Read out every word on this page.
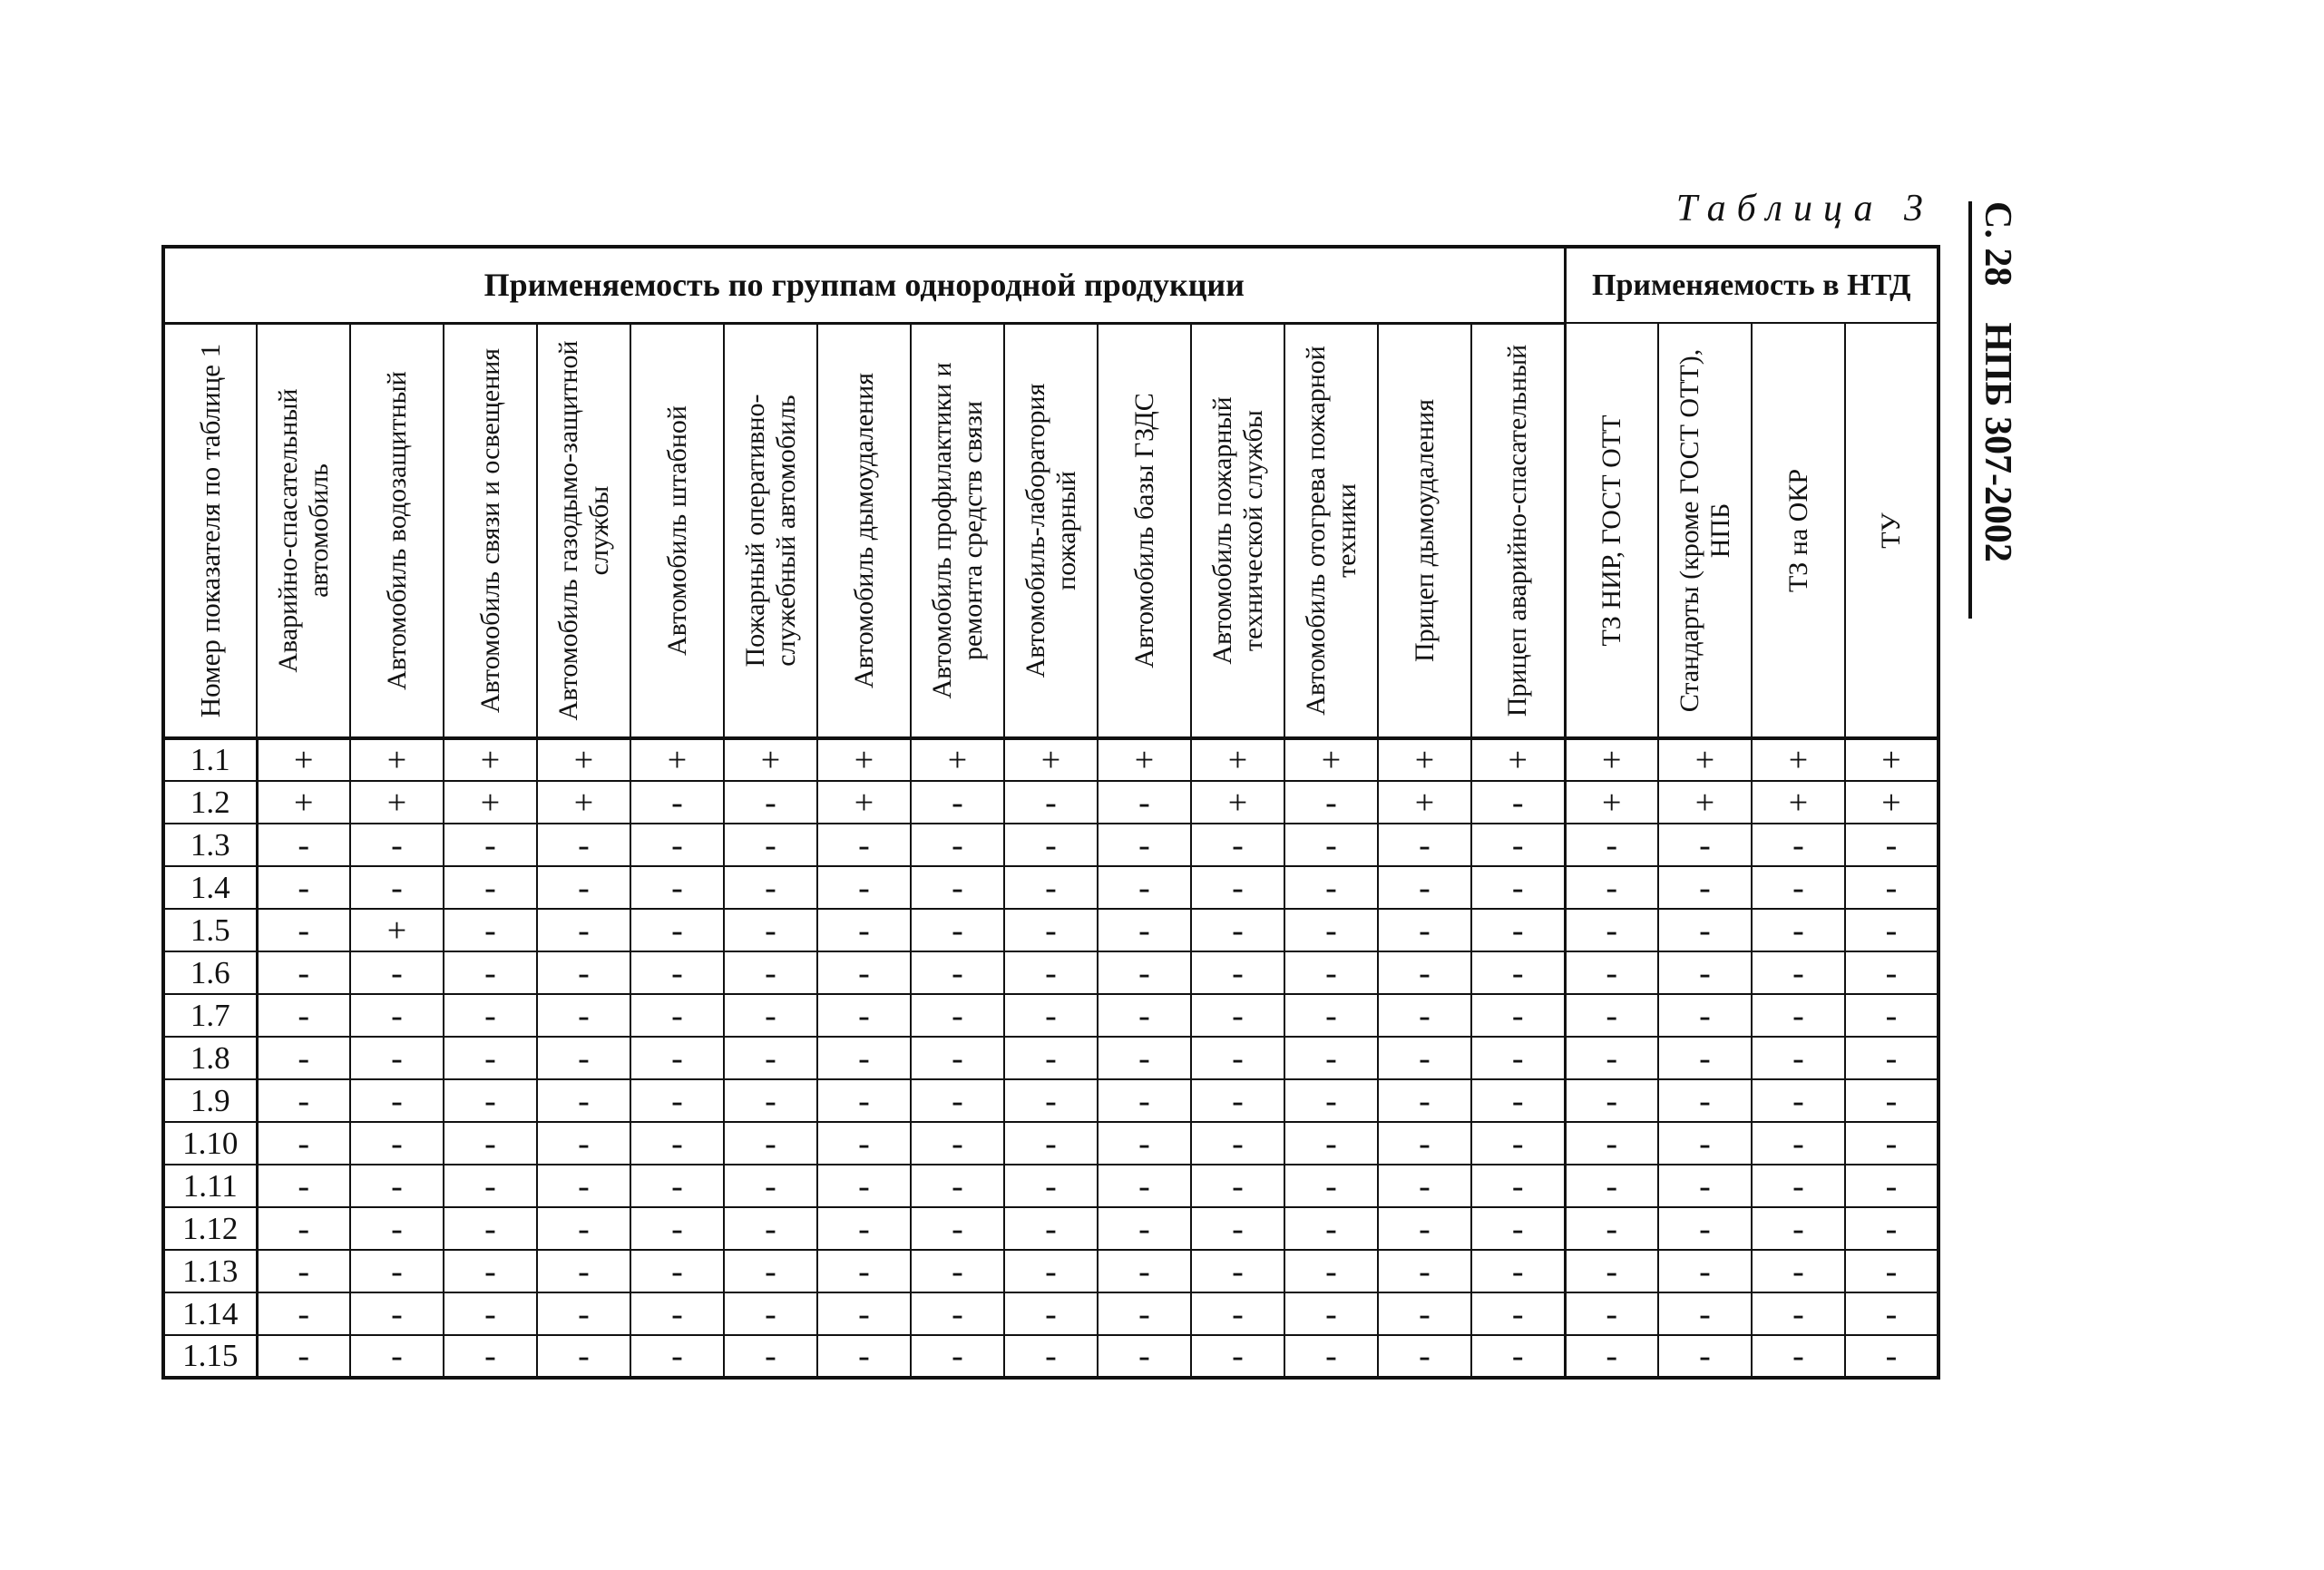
Таблица 3 С. 28
НПБ 307-2002
Применяемость по группам однородной продукции															Применяемость в НТД			

Номер показателя по таблице 1	Аварийно-спасательный автомобиль	Автомобиль водозащитный	Автомобиль связи и освещения	Автомобиль газодымо-защитной службы	Автомобиль штабной	Пожарный оперативно-служебный автомобиль	Автомобиль дымоудаления	Автомобиль профилактики и ремонта средств связи	Автомобиль-лаборатория пожарный	Автомобиль базы ГЗДС	Автомобиль пожарный технической службы	Автомобиль отогрева пожарной техники	Прицеп дымоудаления	Прицеп аварийно-спасательный	ТЗ НИР, ГОСТ ОТТ	Стандарты (кроме ГОСТ ОТТ), НПБ	ТЗ на ОКР	ТУ

1.1	+	+	+	+	+	+	+	+	+	+	+	+	+	+	+	+	+	+
1.2	+	+	+	+	-	-	+	-	-	-	+	-	+	-	+	+	+	+
1.3	-	-	-	-	-	-	-	-	-	-	-	-	-	-	-	-	-	-
1.4	-	-	-	-	-	-	-	-	-	-	-	-	-	-	-	-	-	-
1.5	-	+	-	-	-	-	-	-	-	-	-	-	-	-	-	-	-	-
1.6	-	-	-	-	-	-	-	-	-	-	-	-	-	-	-	-	-	-
1.7	-	-	-	-	-	-	-	-	-	-	-	-	-	-	-	-	-	-
1.8	-	-	-	-	-	-	-	-	-	-	-	-	-	-	-	-	-	-
1.9	-	-	-	-	-	-	-	-	-	-	-	-	-	-	-	-	-	-
1.10	-	-	-	-	-	-	-	-	-	-	-	-	-	-	-	-	-	-
1.11	-	-	-	-	-	-	-	-	-	-	-	-	-	-	-	-	-	-
1.12	-	-	-	-	-	-	-	-	-	-	-	-	-	-	-	-	-	-
1.13	-	-	-	-	-	-	-	-	-	-	-	-	-	-	-	-	-	-
1.14	-	-	-	-	-	-	-	-	-	-	-	-	-	-	-	-	-	-
1.15	-	-	-	-	-	-	-	-	-	-	-	-	-	-	-	-	-	-
